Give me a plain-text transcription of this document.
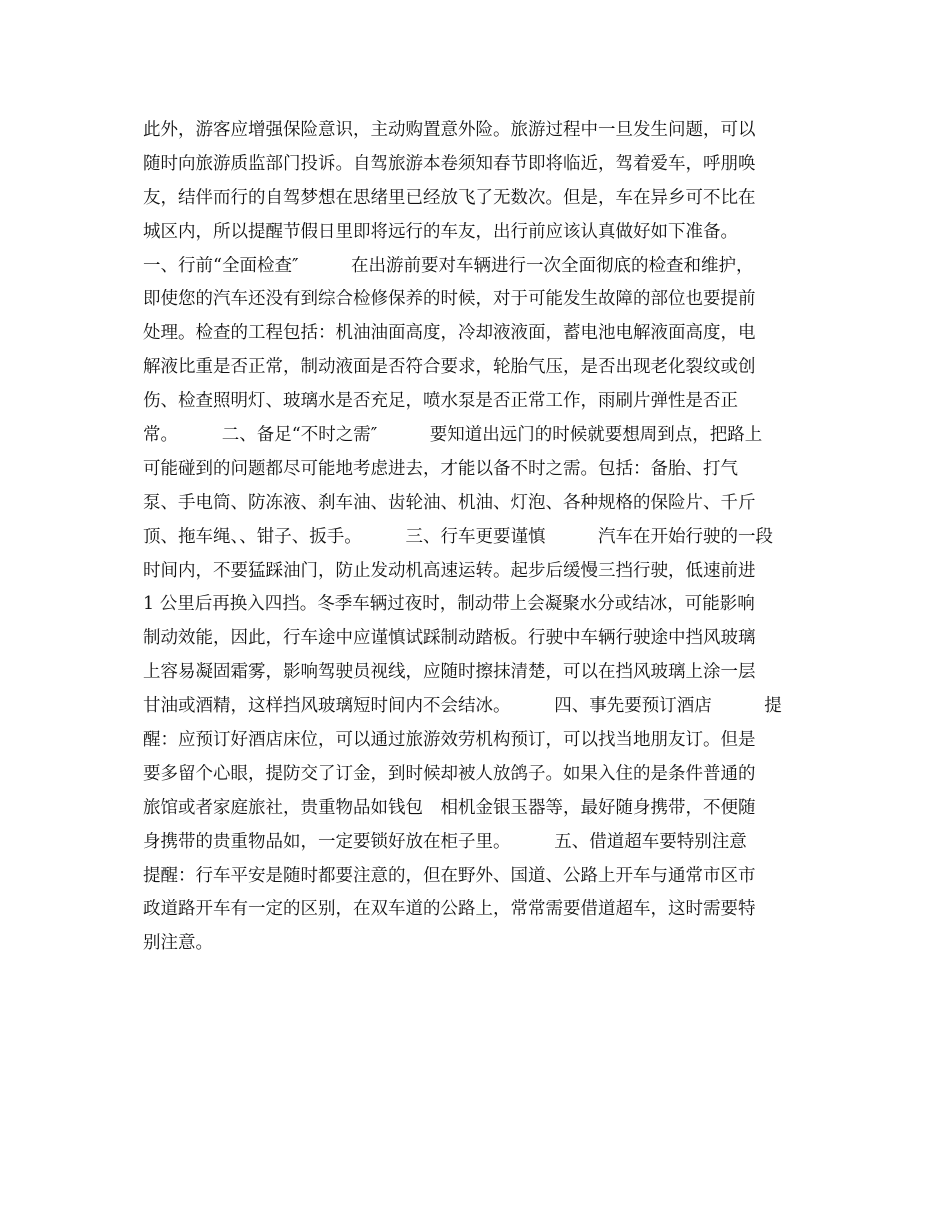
此外，游客应增强保险意识，主动购置意外险。旅游过程中一旦发生问题，可以
随时向旅游质监部门投诉。自驾旅游本卷须知春节即将临近，驾着爱车，呼朋唤
友，结伴而行的自驾梦想在思绪里已经放飞了无数次。但是，车在异乡可不比在
城区内，所以提醒节假日里即将远行的车友，出行前应该认真做好如下准备。
一、行前“全面检查″　　　在出游前要对车辆进行一次全面彻底的检查和维护，
即使您的汽车还没有到综合检修保养的时候，对于可能发生故障的部位也要提前
处理。检查的工程包括：机油油面高度，冷却液液面，蓄电池电解液面高度，电
解液比重是否正常，制动液面是否符合要求，轮胎气压，是否出现老化裂纹或创
伤、检查照明灯、玻璃水是否充足，喷水泵是否正常工作，雨刷片弹性是否正
常。　　　二、备足“不时之需″　　　要知道出远门的时候就要想周到点，把路上
可能碰到的问题都尽可能地考虑进去，才能以备不时之需。包括：备胎、打气
泵、手电筒、防冻液、刹车油、齿轮油、机油、灯泡、各种规格的保险片、千斤
顶、拖车绳、、钳子、扳手。　　　三、行车更要谨慎　　　汽车在开始行驶的一段
时间内，不要猛踩油门，防止发动机高速运转。起步后缓慢三挡行驶，低速前进
1 公里后再换入四挡。冬季车辆过夜时，制动带上会凝聚水分或结冰，可能影响
制动效能，因此，行车途中应谨慎试踩制动踏板。行驶中车辆行驶途中挡风玻璃
上容易凝固霜雾，影响驾驶员视线，应随时擦抹清楚，可以在挡风玻璃上涂一层
甘油或酒精，这样挡风玻璃短时间内不会结冰。　　　四、事先要预订酒店　　　提
醒：应预订好酒店床位，可以通过旅游效劳机构预订，可以找当地朋友订。但是
要多留个心眼，提防交了订金，到时候却被人放鸽子。如果入住的是条件普通的
旅馆或者家庭旅社，贵重物品如钱包　相机金银玉器等，最好随身携带，不便随
身携带的贵重物品如，一定要锁好放在柜子里。　　　五、借道超车要特别注意
提醒：行车平安是随时都要注意的，但在野外、国道、公路上开车与通常市区市
政道路开车有一定的区别，在双车道的公路上，常常需要借道超车，这时需要特
别注意。
